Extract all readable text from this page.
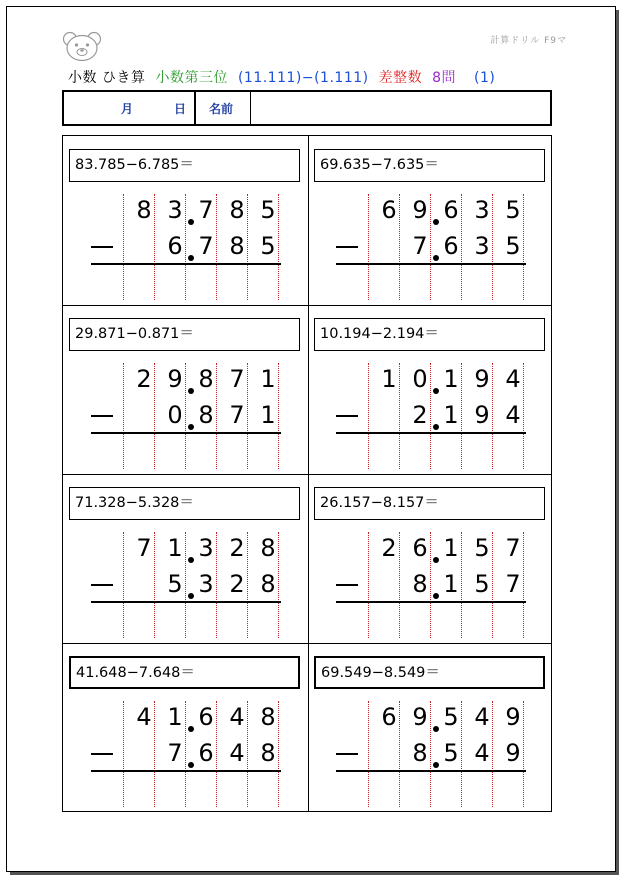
計算ドリル F9マ
小数 ひき算 小数第三位 (11.111)−(1.111) 差整数 8問 (1)
月	日 名前
83.785−6.785＝
8 3 7 8 5
6 7 8 5
69.635−7.635＝
6 9 6 3 5
7 6 3 5
29.871−0.871＝
2 9 8 7 1
0 8 7 1
10.194−2.194＝
1 0 1 9 4
2 1 9 4
71.328−5.328＝
7 1 3 2 8
5 3 2 8
26.157−8.157＝
2 6 1 5 7
8 1 5 7
41.648−7.648＝
4 1 6 4 8
7 6 4 8
69.549−8.549＝
6 9 5 4 9
8 5 4 9
